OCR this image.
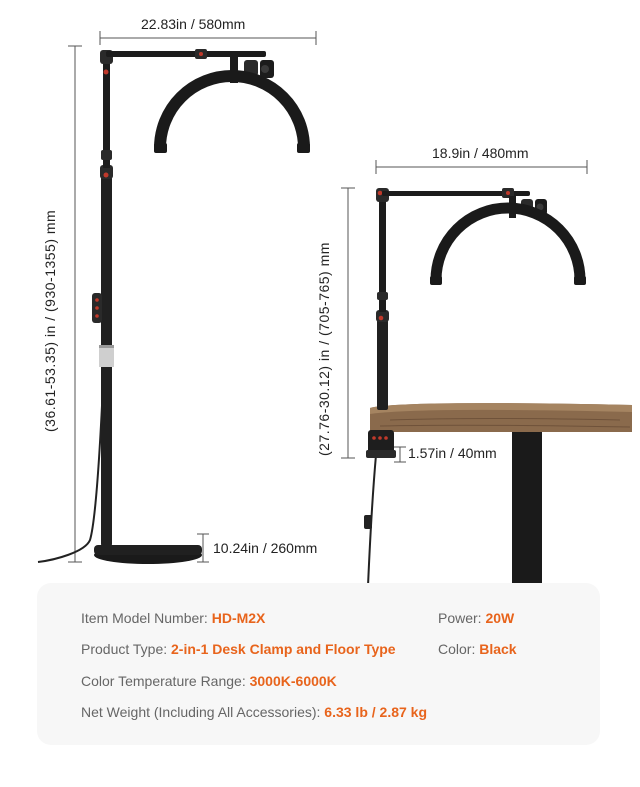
22.83in / 580mm
(36.61-53.35) in / (930-1355) mm
10.24in / 260mm
18.9in / 480mm
(27.76-30.12) in / (705-765) mm	1.57in / 40mm
Item Model Number: HD-M2X	Power: 20W
Product Type: 2-in-1 Desk Clamp and Floor Type	Color: Black
Color Temperature Range: 3000K-6000K
Net Weight (Including All Accessories): 6.33 lb / 2.87 kg
